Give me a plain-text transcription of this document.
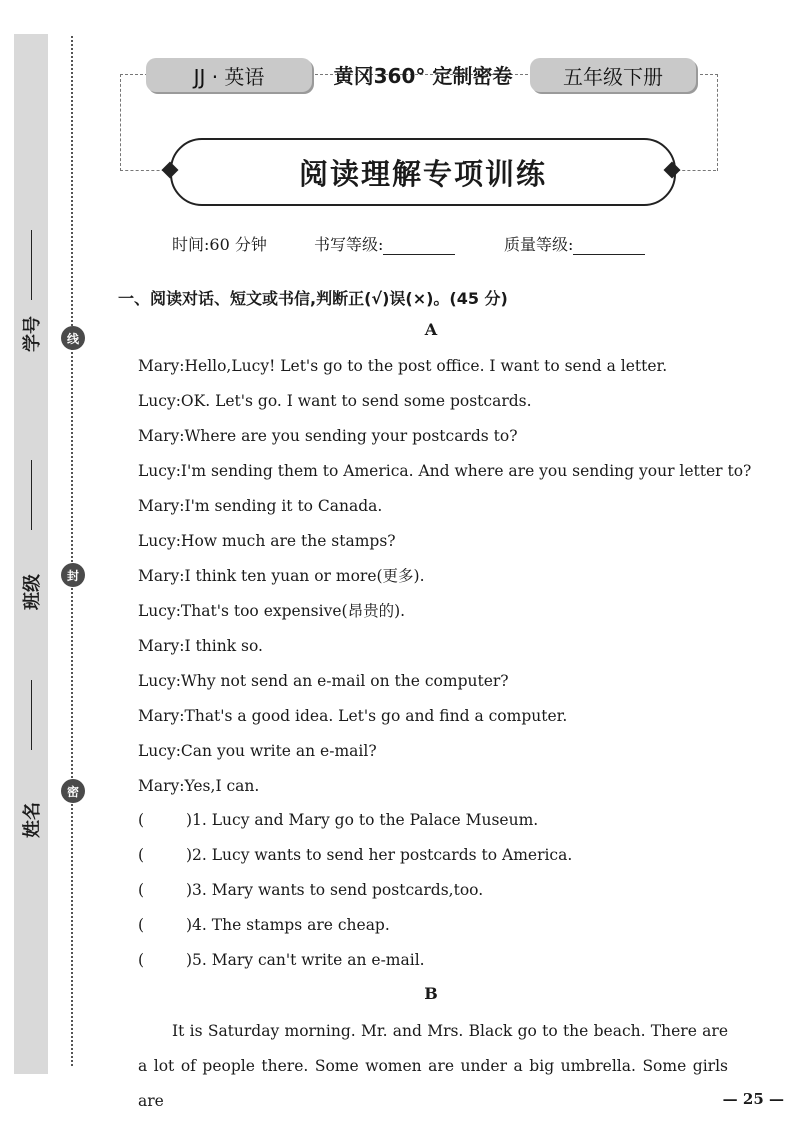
学号
班级
姓名
线
封
密
JJ · 英语	黄冈360° 定制密卷	五年级下册
阅读理解专项训练
时间:60 分钟	书写等级:	质量等级:
一、阅读对话、短文或书信,判断正(√)误(×)。(45 分)
A
Mary:Hello,Lucy! Let's go to the post office. I want to send a letter.
Lucy:OK. Let's go. I want to send some postcards.
Mary:Where are you sending your postcards to?
Lucy:I'm sending them to America. And where are you sending your letter to?
Mary:I'm sending it to Canada.
Lucy:How much are the stamps?
Mary:I think ten yuan or more(更多).
Lucy:That's too expensive(昂贵的).
Mary:I think so.
Lucy:Why not send an e-mail on the computer?
Mary:That's a good idea. Let's go and find a computer.
Lucy:Can you write an e-mail?
Mary:Yes,I can.
(	)1. Lucy and Mary go to the Palace Museum.
(	)2. Lucy wants to send her postcards to America.
(	)3. Mary wants to send postcards,too.
(	)4. The stamps are cheap.
(	)5. Mary can't write an e-mail.
B

It is Saturday morning. Mr. and Mrs. Black go to the beach. There are a lot of people there. Some women are under a big umbrella. Some girls are	— 25 —
